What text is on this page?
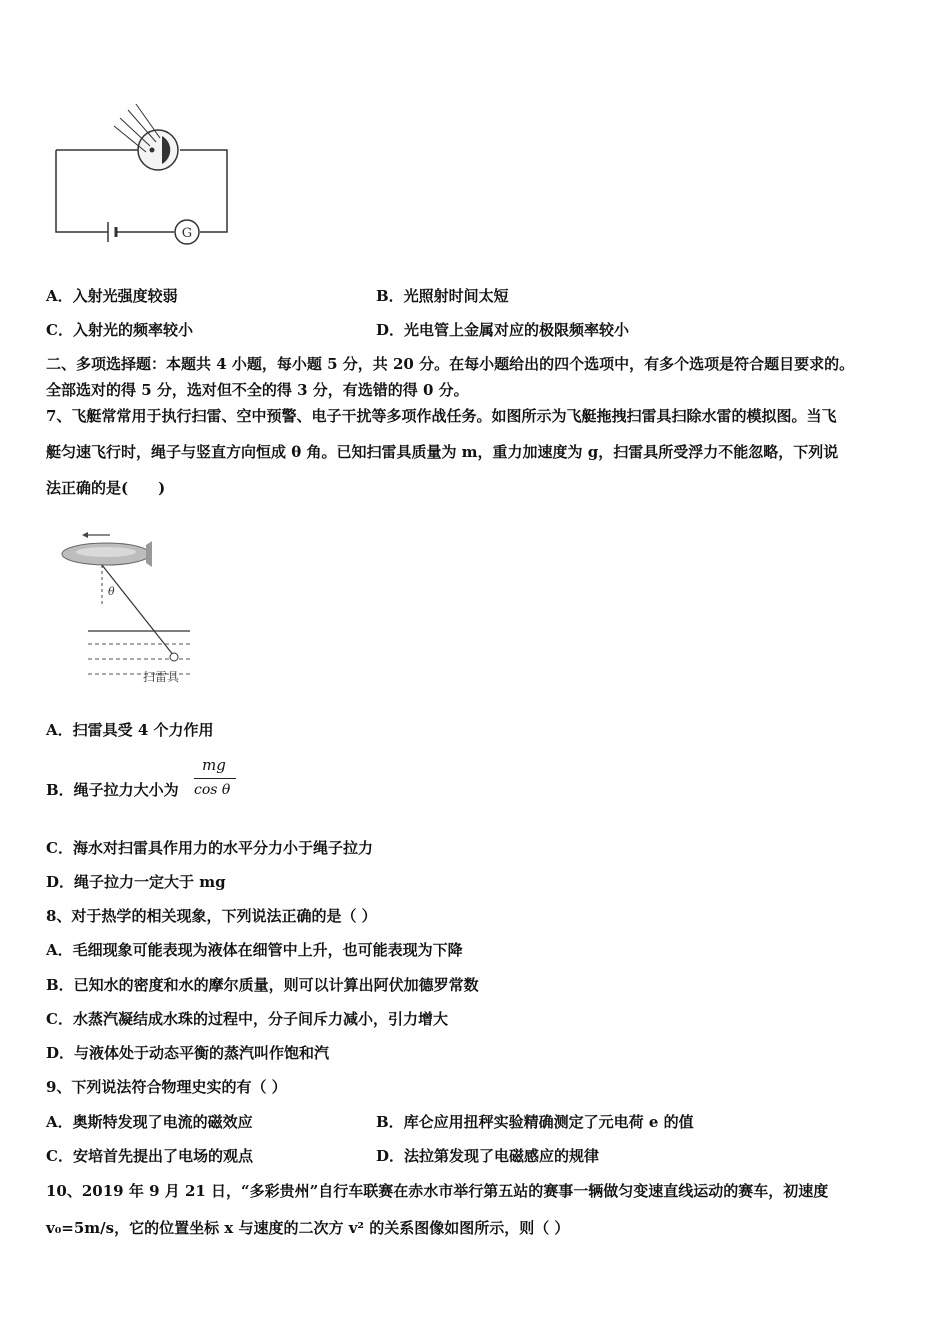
G
A．入射光强度较弱	B．光照射时间太短
C．入射光的频率较小	D．光电管上金属对应的极限频率较小
二、多项选择题：本题共 4 小题，每小题 5 分，共 20 分。在每小题给出的四个选项中，有多个选项是符合题目要求的。
全部选对的得 5 分，选对但不全的得 3 分，有选错的得 0 分。
7、飞艇常常用于执行扫雷、空中预警、电子干扰等多项作战任务。如图所示为飞艇拖拽扫雷具扫除水雷的模拟图。当飞
艇匀速飞行时，绳子与竖直方向恒成 θ 角。已知扫雷具质量为 m，重力加速度为 g，扫雷具所受浮力不能忽略，下列说
法正确的是(　　)
θ
扫雷具
A．扫雷具受 4 个力作用
B．绳子拉力大小为
mg
cos θ
C．海水对扫雷具作用力的水平分力小于绳子拉力
D．绳子拉力一定大于 mg
8、对于热学的相关现象，下列说法正确的是（ ）
A．毛细现象可能表现为液体在细管中上升，也可能表现为下降
B．已知水的密度和水的摩尔质量，则可以计算出阿伏加德罗常数
C．水蒸汽凝结成水珠的过程中，分子间斥力减小，引力增大
D．与液体处于动态平衡的蒸汽叫作饱和汽
9、下列说法符合物理史实的有（ ）
A．奥斯特发现了电流的磁效应	B．库仑应用扭秤实验精确测定了元电荷 e 的值
C．安培首先提出了电场的观点	D．法拉第发现了电磁感应的规律
10、2019 年 9 月 21 日，“多彩贵州”自行车联赛在赤水市举行第五站的赛事一辆做匀变速直线运动的赛车，初速度
v₀=5m/s，它的位置坐标 x 与速度的二次方 v² 的关系图像如图所示，则（ ）
